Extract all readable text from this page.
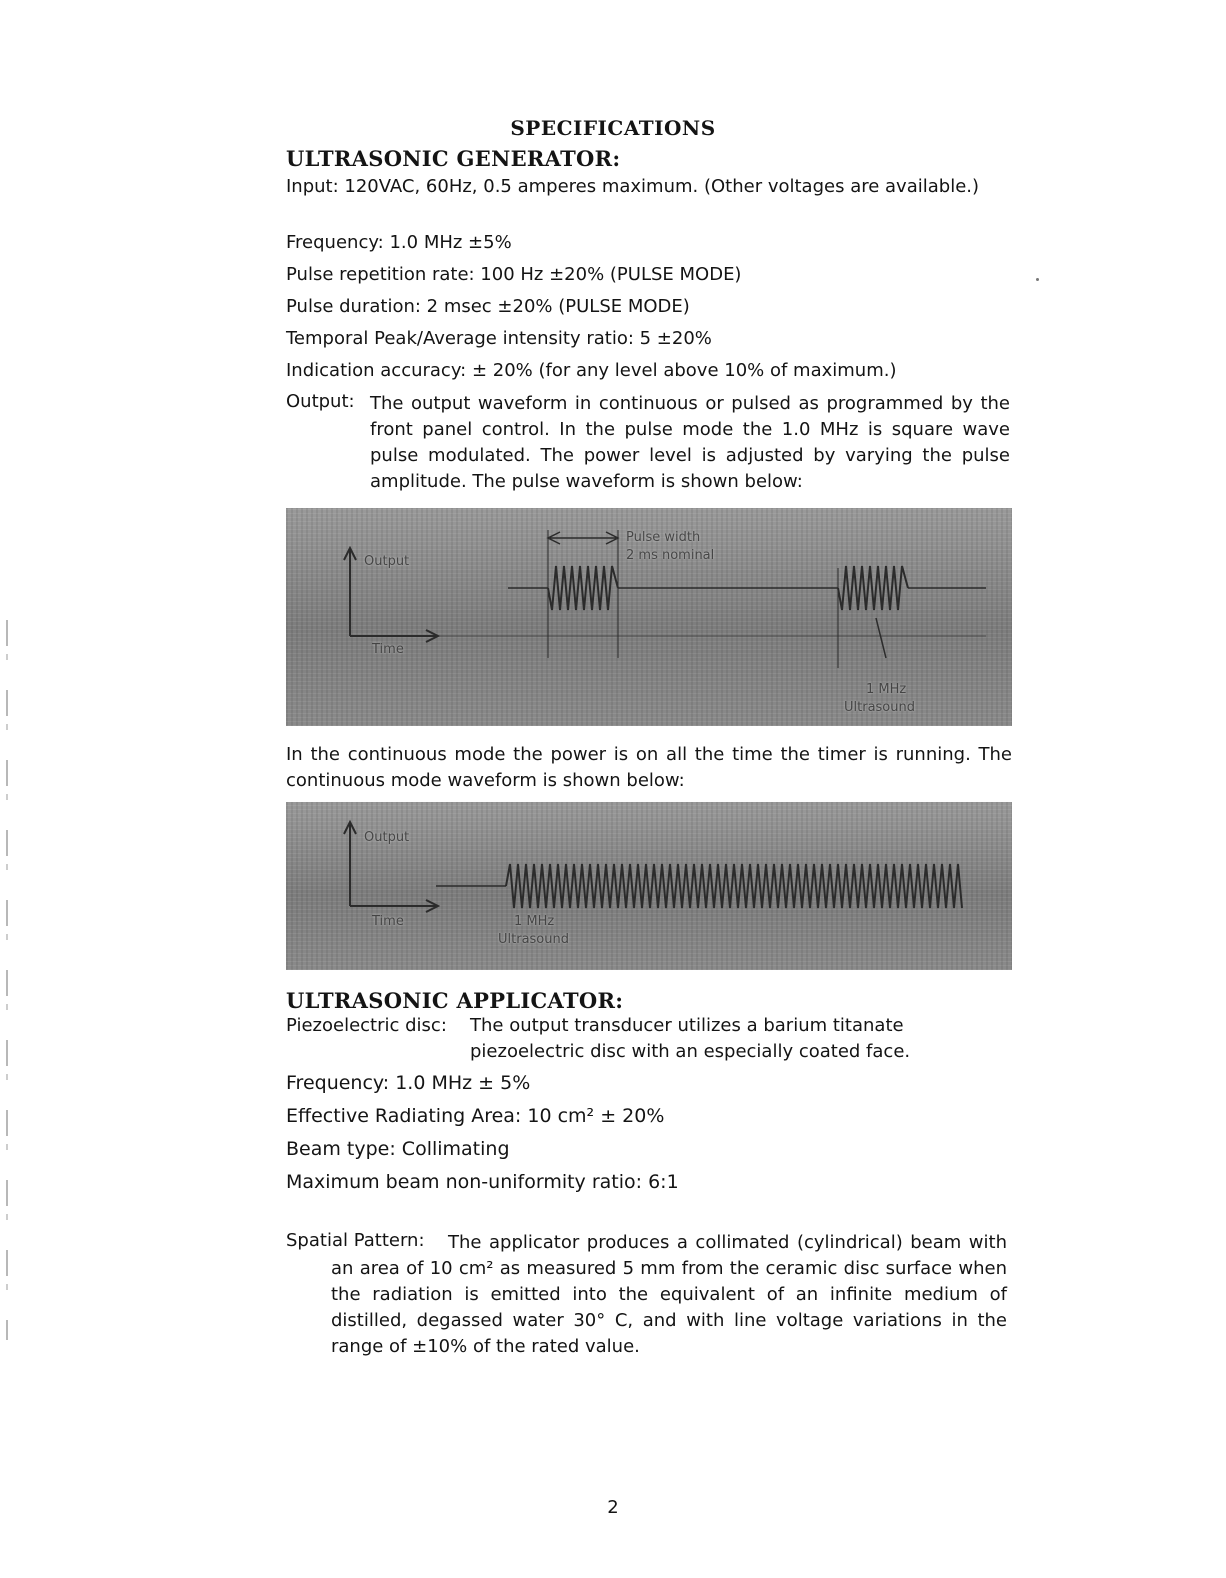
SPECIFICATIONS
ULTRASONIC GENERATOR:
Input: 120VAC, 60Hz, 0.5 amperes maximum. (Other voltages are available.)
Frequency: 1.0 MHz ±5%
Pulse repetition rate: 100 Hz ±20% (PULSE MODE)
Pulse duration: 2 msec ±20% (PULSE MODE)
Temporal Peak/Average intensity ratio: 5 ±20%
Indication accuracy: ± 20% (for any level above 10% of maximum.)
Output: The output waveform in continuous or pulsed as programmed by the front panel control. In the pulse mode the 1.0 MHz is square wave pulse modulated. The power level is adjusted by varying the pulse amplitude. The pulse waveform is shown below:
Output
Time
Pulse width
2 ms nominal
1 MHz
Ultrasound
In the continuous mode the power is on all the time the timer is running. The continuous mode waveform is shown below:
Output
Time	1 MHz
Ultrasound
ULTRASONIC APPLICATOR:
Piezoelectric disc: The output transducer utilizes a barium titanate
piezoelectric disc with an especially coated face.
Frequency: 1.0 MHz ± 5%
Effective Radiating Area: 10 cm² ± 20%
Beam type: Collimating
Maximum beam non-uniformity ratio: 6:1
Spatial Pattern:	The applicator produces a collimated (cylindrical) beam with an area of 10 cm² as measured 5 mm from the ceramic disc surface when the radiation is emitted into the equivalent of an infinite medium of distilled, degassed water 30° C, and with line voltage variations in the range of ±10% of the rated value.
2
